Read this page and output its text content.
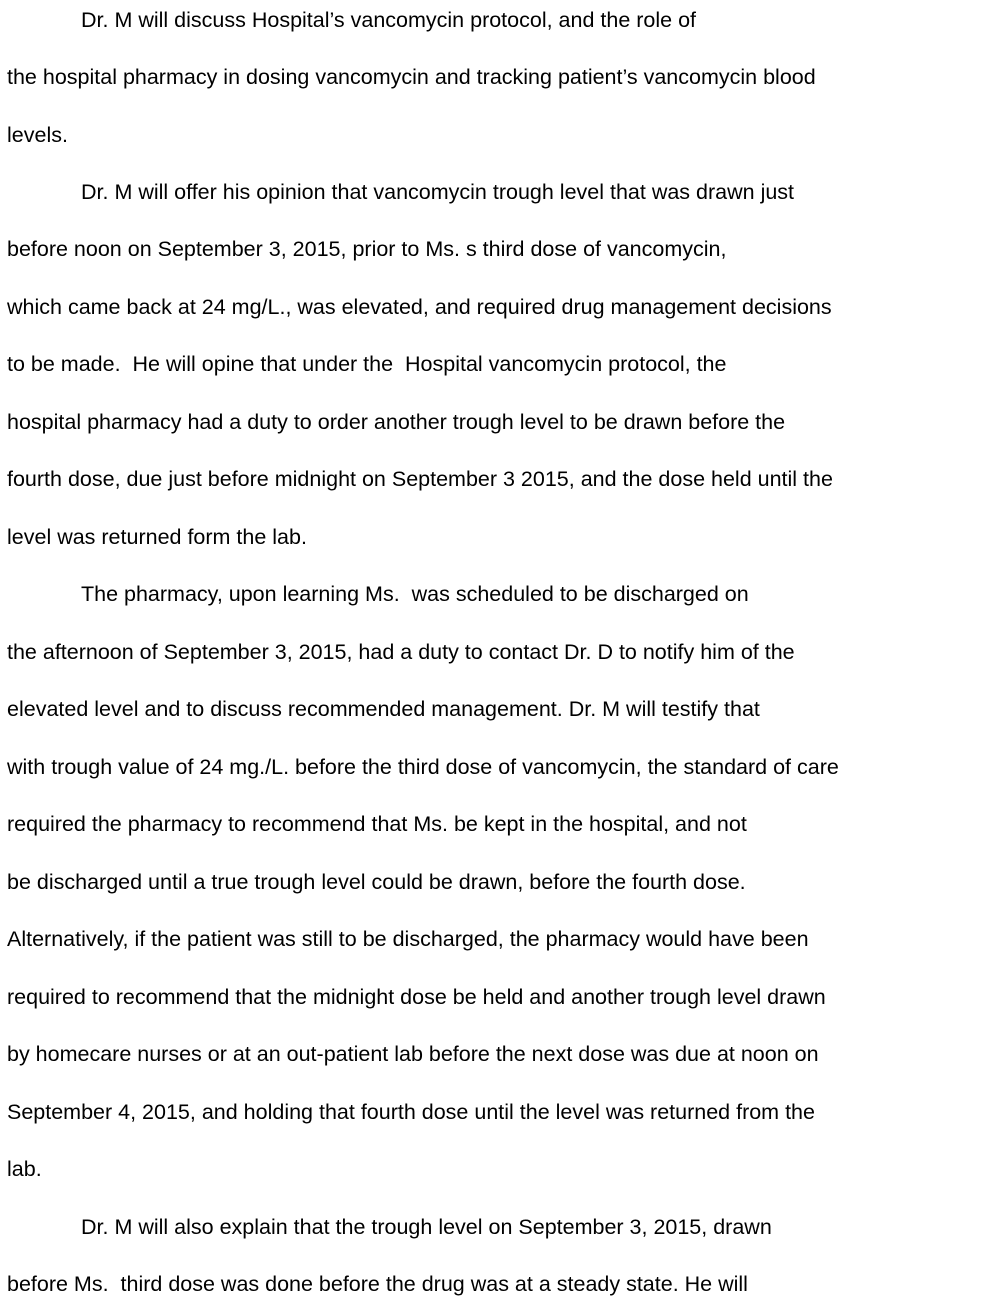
Dr. M will discuss Hospital’s vancomycin protocol, and the role of

the hospital pharmacy in dosing vancomycin and tracking patient’s vancomycin blood

levels.

Dr. M will offer his opinion that vancomycin trough level that was drawn just

before noon on September 3, 2015, prior to Ms. s third dose of vancomycin,

which came back at 24 mg/L., was elevated, and required drug management decisions

to be made.  He will opine that under the  Hospital vancomycin protocol, the

hospital pharmacy had a duty to order another trough level to be drawn before the

fourth dose, due just before midnight on September 3 2015, and the dose held until the

level was returned form the lab.

The pharmacy, upon learning Ms.  was scheduled to be discharged on

the afternoon of September 3, 2015, had a duty to contact Dr. D to notify him of the

elevated level and to discuss recommended management. Dr. M will testify that

with trough value of 24 mg./L. before the third dose of vancomycin, the standard of care

required the pharmacy to recommend that Ms. be kept in the hospital, and not

be discharged until a true trough level could be drawn, before the fourth dose.

Alternatively, if the patient was still to be discharged, the pharmacy would have been

required to recommend that the midnight dose be held and another trough level drawn

by homecare nurses or at an out-patient lab before the next dose was due at noon on

September 4, 2015, and holding that fourth dose until the level was returned from the

lab.

Dr. M will also explain that the trough level on September 3, 2015, drawn

before Ms.  third dose was done before the drug was at a steady state. He will
